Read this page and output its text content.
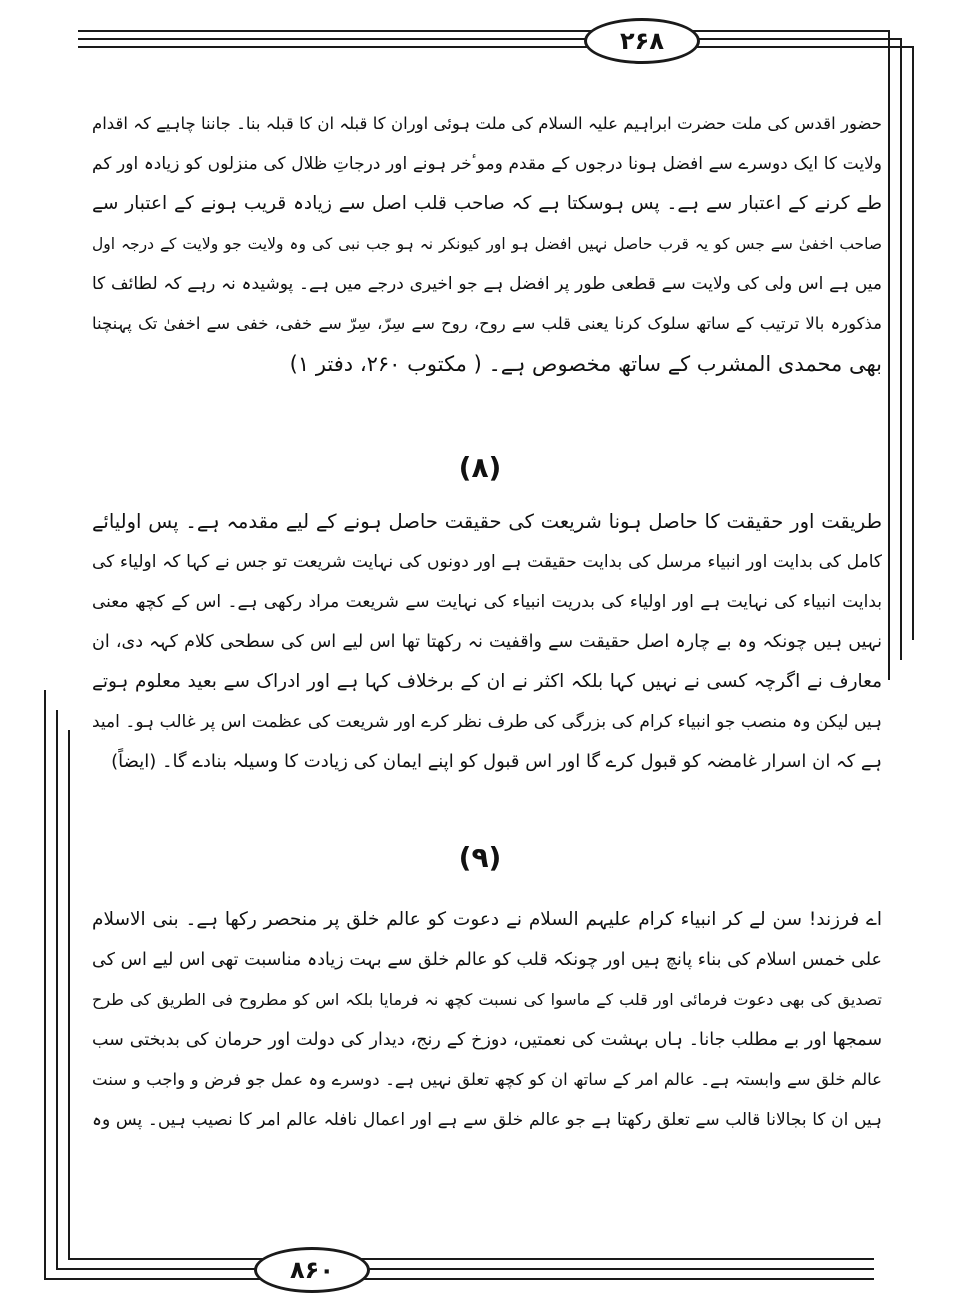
۲۶۸
حضور اقدس کی ملت حضرت ابراہیم علیہ السلام کی ملت ہوئی اوران کا قبلہ ان کا قبلہ بنا۔ جاننا چاہیے کہ اقدام
ولایت کا ایک دوسرے سے افضل ہونا درجوں کے مقدم وموٴخر ہونے اور درجاتِ ظلال کی منزلوں کو زیادہ اور کم
طے کرنے کے اعتبار سے ہے۔ پس ہوسکتا ہے کہ صاحب قلب اصل سے زیادہ قریب ہونے کے اعتبار سے
صاحب اخفیٰ سے جس کو یہ قرب حاصل نہیں افضل ہو اور کیونکر نہ ہو جب نبی کی وہ ولایت جو ولایت کے درجہ اول
میں ہے اس ولی کی ولایت سے قطعی طور پر افضل ہے جو اخیری درجے میں ہے۔ پوشیدہ نہ رہے کہ لطائف کا
مذکورہ بالا ترتیب کے ساتھ سلوک کرنا یعنی قلب سے روح، روح سے سِرّ، سِرّ سے خفی، خفی سے اخفیٰ تک پہنچنا
بھی محمدی المشرب کے ساتھ مخصوص ہے۔ ( مکتوب ۲۶۰، دفتر ۱)
(۸)
طریقت اور حقیقت کا حاصل ہونا شریعت کی حقیقت حاصل ہونے کے لیے مقدمہ ہے۔ پس اولیائے
کامل کی بدایت اور انبیاء مرسل کی بدایت حقیقت ہے اور دونوں کی نہایت شریعت تو جس نے کہا کہ اولیاء کی
بدایت انبیاء کی نہایت ہے اور اولیاء کی بدریت انبیاء کی نہایت سے شریعت مراد رکھی ہے۔ اس کے کچھ معنی
نہیں ہیں چونکہ وہ بے چارہ اصل حقیقت سے واقفیت نہ رکھتا تھا اس لیے اس کی سطحی کلام کہہ دی، ان
معارف نے اگرچہ کسی نے نہیں کہا بلکہ اکثر نے ان کے برخلاف کہا ہے اور ادراک سے بعید معلوم ہوتے
ہیں لیکن وہ منصب جو انبیاء کرام کی بزرگی کی طرف نظر کرے اور شریعت کی عظمت اس پر غالب ہو۔ امید
ہے کہ ان اسرار غامضہ کو قبول کرے گا اور اس قبول کو اپنے ایمان کی زیادت کا وسیلہ بنادے گا۔ (ایضاً)
(۹)
اے فرزند! سن لے کر انبیاء کرام علیہم السلام نے دعوت کو عالم خلق پر منحصر رکھا ہے۔ بنی الاسلام
علی خمس اسلام کی بناء پانچ ہیں اور چونکہ قلب کو عالم خلق سے بہت زیادہ مناسبت تھی اس لیے اس کی
تصدیق کی بھی دعوت فرمائی اور قلب کے ماسوا کی نسبت کچھ نہ فرمایا بلکہ اس کو مطروح فی الطریق کی طرح
سمجھا اور بے مطلب جانا۔ ہاں بہشت کی نعمتیں، دوزخ کے رنج، دیدار کی دولت اور حرمان کی بدبختی سب
عالم خلق سے وابستہ ہے۔ عالم امر کے ساتھ ان کو کچھ تعلق نہیں ہے۔ دوسرے وہ عمل جو فرض و واجب و سنت
ہیں ان کا بجالانا قالب سے تعلق رکھتا ہے جو عالم خلق سے ہے اور اعمال نافلہ عالم امر کا نصیب ہیں۔ پس وہ
۸۶۰
